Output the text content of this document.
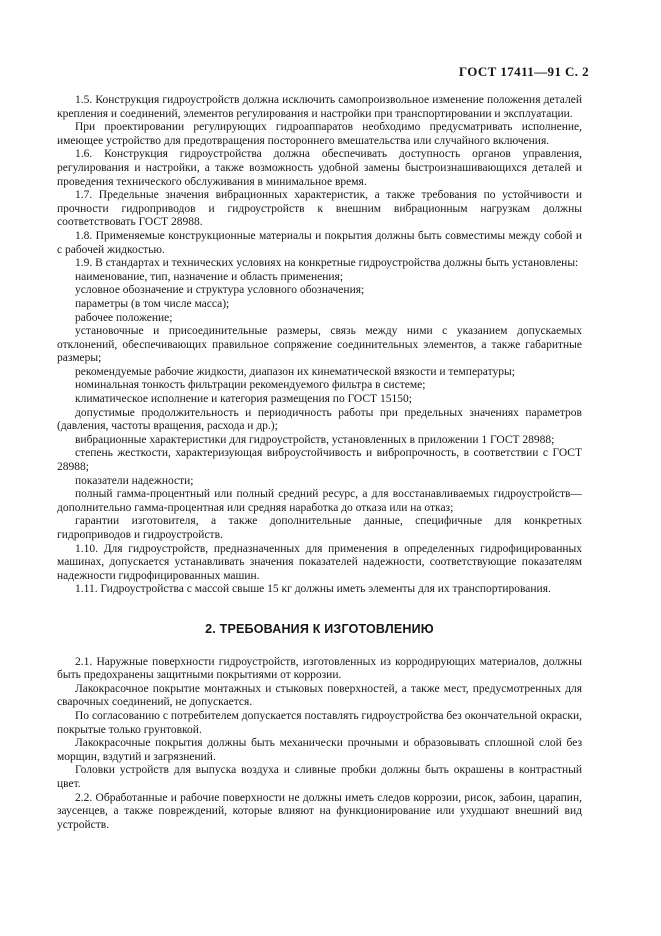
ГОСТ 17411—91 С. 2

1.5. Конструкция гидроустройств должна исключить самопроизвольное изменение положения деталей крепления и соединений, элементов регулирования и настройки при транспортировании и эксплуатации.

При проектировании регулирующих гидроаппаратов необходимо предусматривать исполнение, имеющее устройство для предотвращения постороннего вмешательства или случайного включения.

1.6. Конструкция гидроустройства должна обеспечивать доступность органов управления, регулирования и настройки, а также возможность удобной замены быстроизнашивающихся деталей и проведения технического обслуживания в минимальное время.

1.7. Предельные значения вибрационных характеристик, а также требования по устойчивости и прочности гидроприводов и гидроустройств к внешним вибрационным нагрузкам должны соответствовать ГОСТ 28988.

1.8. Применяемые конструкционные материалы и покрытия должны быть совместимы между собой и с рабочей жидкостью.

1.9. В стандартах и технических условиях на конкретные гидроустройства должны быть установлены:

наименование, тип, назначение и область применения;

условное обозначение и структура условного обозначения;

параметры (в том числе масса);

рабочее положение;

установочные и присоединительные размеры, связь между ними с указанием допускаемых отклонений, обеспечивающих правильное сопряжение соединительных элементов, а также габаритные размеры;

рекомендуемые рабочие жидкости, диапазон их кинематической вязкости и температуры;

номинальная тонкость фильтрации рекомендуемого фильтра в системе;

климатическое исполнение и категория размещения по ГОСТ 15150;

допустимые продолжительность и периодичность работы при предельных значениях параметров (давления, частоты вращения, расхода и др.);

вибрационные характеристики для гидроустройств, установленных в приложении 1 ГОСТ 28988;

степень жесткости, характеризующая виброустойчивость и вибропрочность, в соответствии с ГОСТ 28988;

показатели надежности;

полный гамма-процентный или полный средний ресурс, а для восстанавливаемых гидроустройств—дополнительно гамма-процентная или средняя наработка до отказа или на отказ;

гарантии изготовителя, а также дополнительные данные, специфичные для конкретных гидроприводов и гидроустройств.

1.10. Для гидроустройств, предназначенных для применения в определенных гидрофицированных машинах, допускается устанавливать значения показателей надежности, соответствующие показателям надежности гидрофицированных машин.

1.11. Гидроустройства с массой свыше 15 кг должны иметь элементы для их транспортирования.

2. ТРЕБОВАНИЯ К ИЗГОТОВЛЕНИЮ

2.1. Наружные поверхности гидроустройств, изготовленных из корродирующих материалов, должны быть предохранены защитными покрытиями от коррозии.

Лакокрасочное покрытие монтажных и стыковых поверхностей, а также мест, предусмотренных для сварочных соединений, не допускается.

По согласованию с потребителем допускается поставлять гидроустройства без окончательной окраски, покрытые только грунтовкой.

Лакокрасочные покрытия должны быть механически прочными и образовывать сплошной слой без морщин, вздутий и загрязнений.

Головки устройств для выпуска воздуха и сливные пробки должны быть окрашены в контрастный цвет.

2.2. Обработанные и рабочие поверхности не должны иметь следов коррозии, рисок, забоин, царапин, заусенцев, а также повреждений, которые влияют на функционирование или ухудшают внешний вид устройств.
